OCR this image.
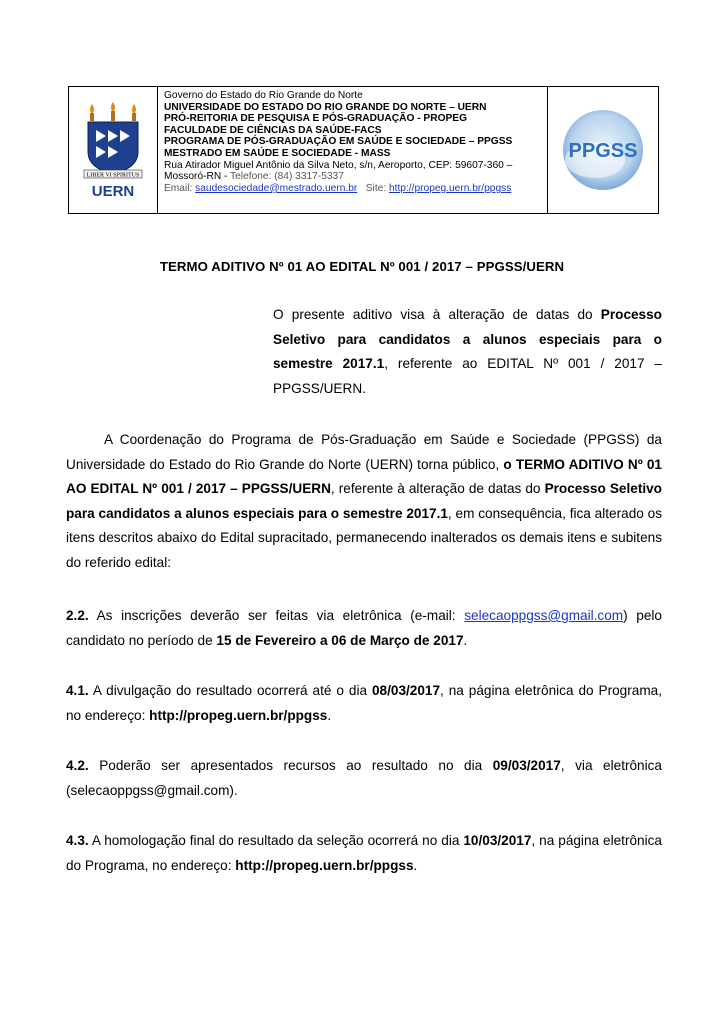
LIBER VI SPIRITUS
UERN
Governo do Estado do Rio Grande do Norte
UNIVERSIDADE DO ESTADO DO RIO GRANDE DO NORTE – UERN
PRÓ-REITORIA DE PESQUISA E PÓS-GRADUAÇÃO - PROPEG
FACULDADE DE CIÊNCIAS DA SAÚDE-FACS
PROGRAMA DE PÓS-GRADUAÇÃO EM SAÚDE E SOCIEDADE – PPGSS
MESTRADO EM SAÚDE E SOCIEDADE - MASS
Rua Atirador Miguel Antônio da Silva Neto, s/n, Aeroporto, CEP: 59607-360 –
Mossoró-RN - Telefone: (84) 3317-5337
Email: saudesociedade@mestrado.uern.br Site: http://propeg.uern.br/ppgss
PPGSS
TERMO ADITIVO Nº 01 AO EDITAL Nº 001 / 2017 – PPGSS/UERN
O presente aditivo visa à alteração de datas do Processo Seletivo para candidatos a alunos especiais para o semestre 2017.1, referente ao EDITAL Nº 001 / 2017 – PPGSS/UERN.
A Coordenação do Programa de Pós-Graduação em Saúde e Sociedade (PPGSS) da Universidade do Estado do Rio Grande do Norte (UERN) torna público, o TERMO ADITIVO Nº 01 AO EDITAL Nº 001 / 2017 – PPGSS/UERN, referente à alteração de datas do Processo Seletivo para candidatos a alunos especiais para o semestre 2017.1, em consequência, fica alterado os itens descritos abaixo do Edital supracitado, permanecendo inalterados os demais itens e subitens do referido edital:
2.2. As inscrições deverão ser feitas via eletrônica (e-mail: selecaoppgss@gmail.com) pelo candidato no período de 15 de Fevereiro a 06 de Março de 2017.
4.1. A divulgação do resultado ocorrerá até o dia 08/03/2017, na página eletrônica do Programa, no endereço: http://propeg.uern.br/ppgss.
4.2. Poderão ser apresentados recursos ao resultado no dia 09/03/2017, via eletrônica (selecaoppgss@gmail.com).
4.3. A homologação final do resultado da seleção ocorrerá no dia 10/03/2017, na página eletrônica do Programa, no endereço: http://propeg.uern.br/ppgss.
